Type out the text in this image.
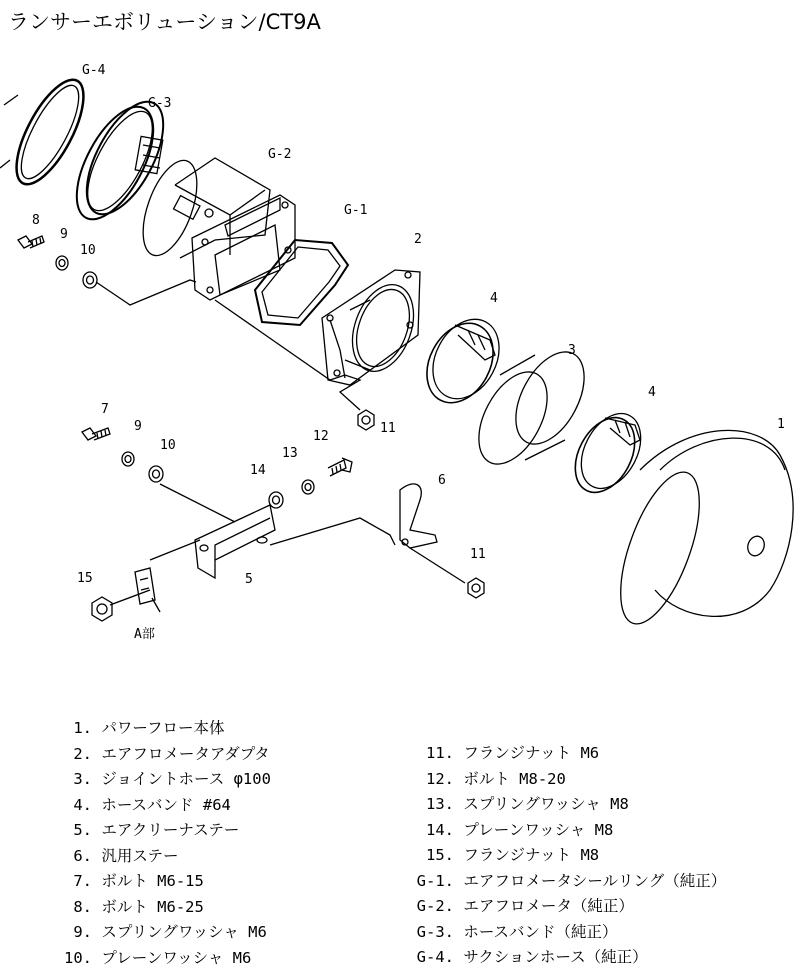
ランサーエボリューション/CT9A
G-4
G-3
G-2
G-1
2
4
3
4
1
8
9
10
11
7
9
10
14
13
12
6
5
11
15
A部
1. パワーフロー本体
2. エアフロメータアダプタ
3. ジョイントホース φ100
4. ホースバンド #64
5. エアクリーナステー
6. 汎用ステー
7. ボルト M6-15
8. ボルト M6-25
9. スプリングワッシャ M6
10. プレーンワッシャ M6
11. フランジナット M6
12. ボルト M8-20
13. スプリングワッシャ M8
14. プレーンワッシャ M8
15. フランジナット M8
G-1. エアフロメータシールリング（純正）
G-2. エアフロメータ（純正）
G-3. ホースバンド（純正）
G-4. サクションホース（純正）
